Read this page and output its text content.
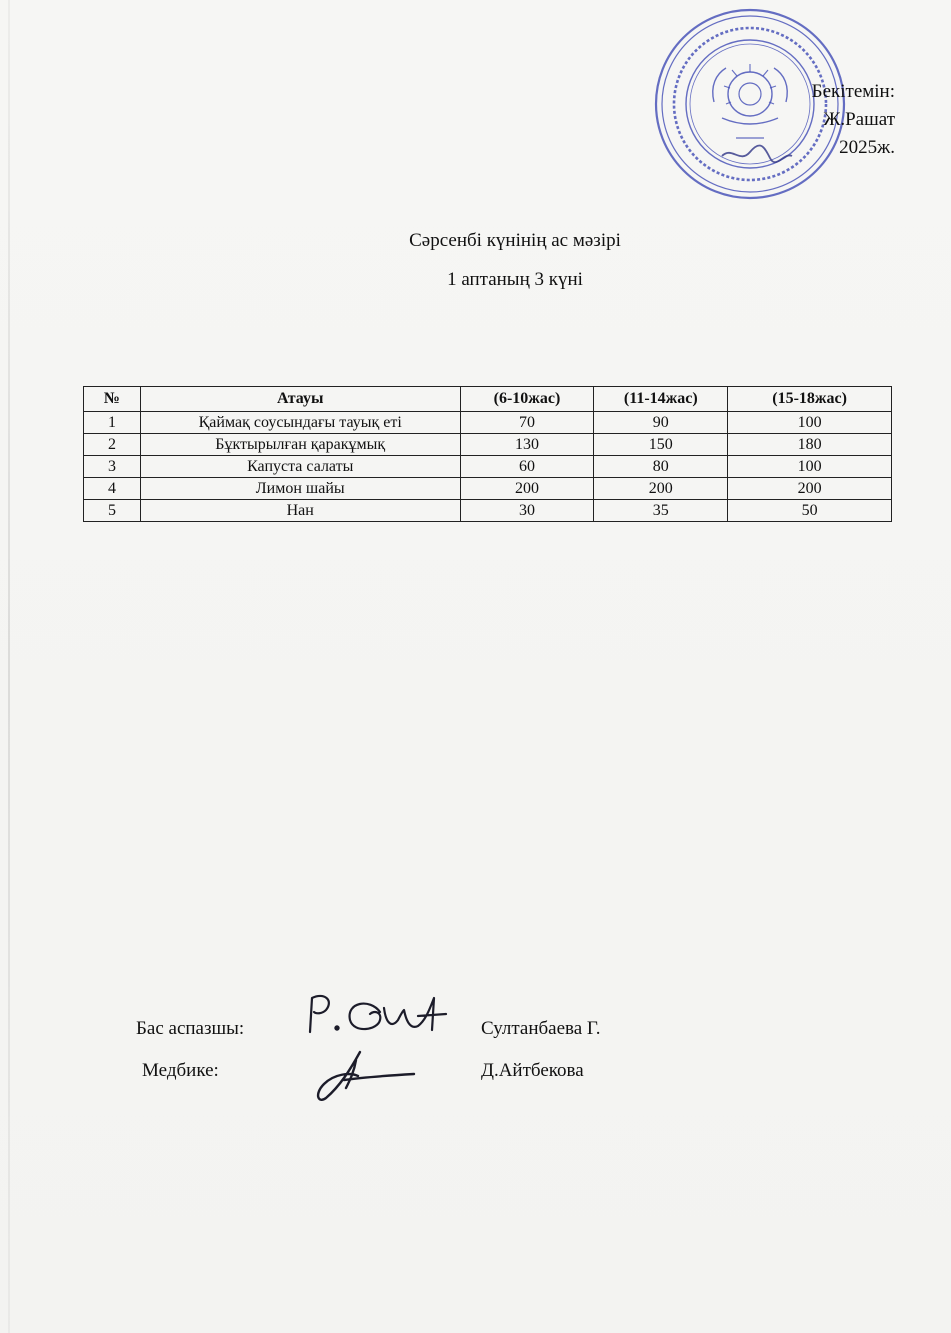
Бекітемін:
Ж.Рашат
2025ж.
Сәрсенбі күнінің ас мәзірі
1 аптаның 3 күні
№	Атауы	(6-10жас)	(11-14жас)	(15-18жас)
1	Қаймақ соусындағы тауық еті	70	90	100
2	Бұктырылған қаракұмық	130	150	180
3	Капуста салаты	60	80	100
4	Лимон шайы	200	200	200
5	Нан	30	35	50
Бас аспазшы:	Султанбаева Г.
Медбике:	Д.Айтбекова
